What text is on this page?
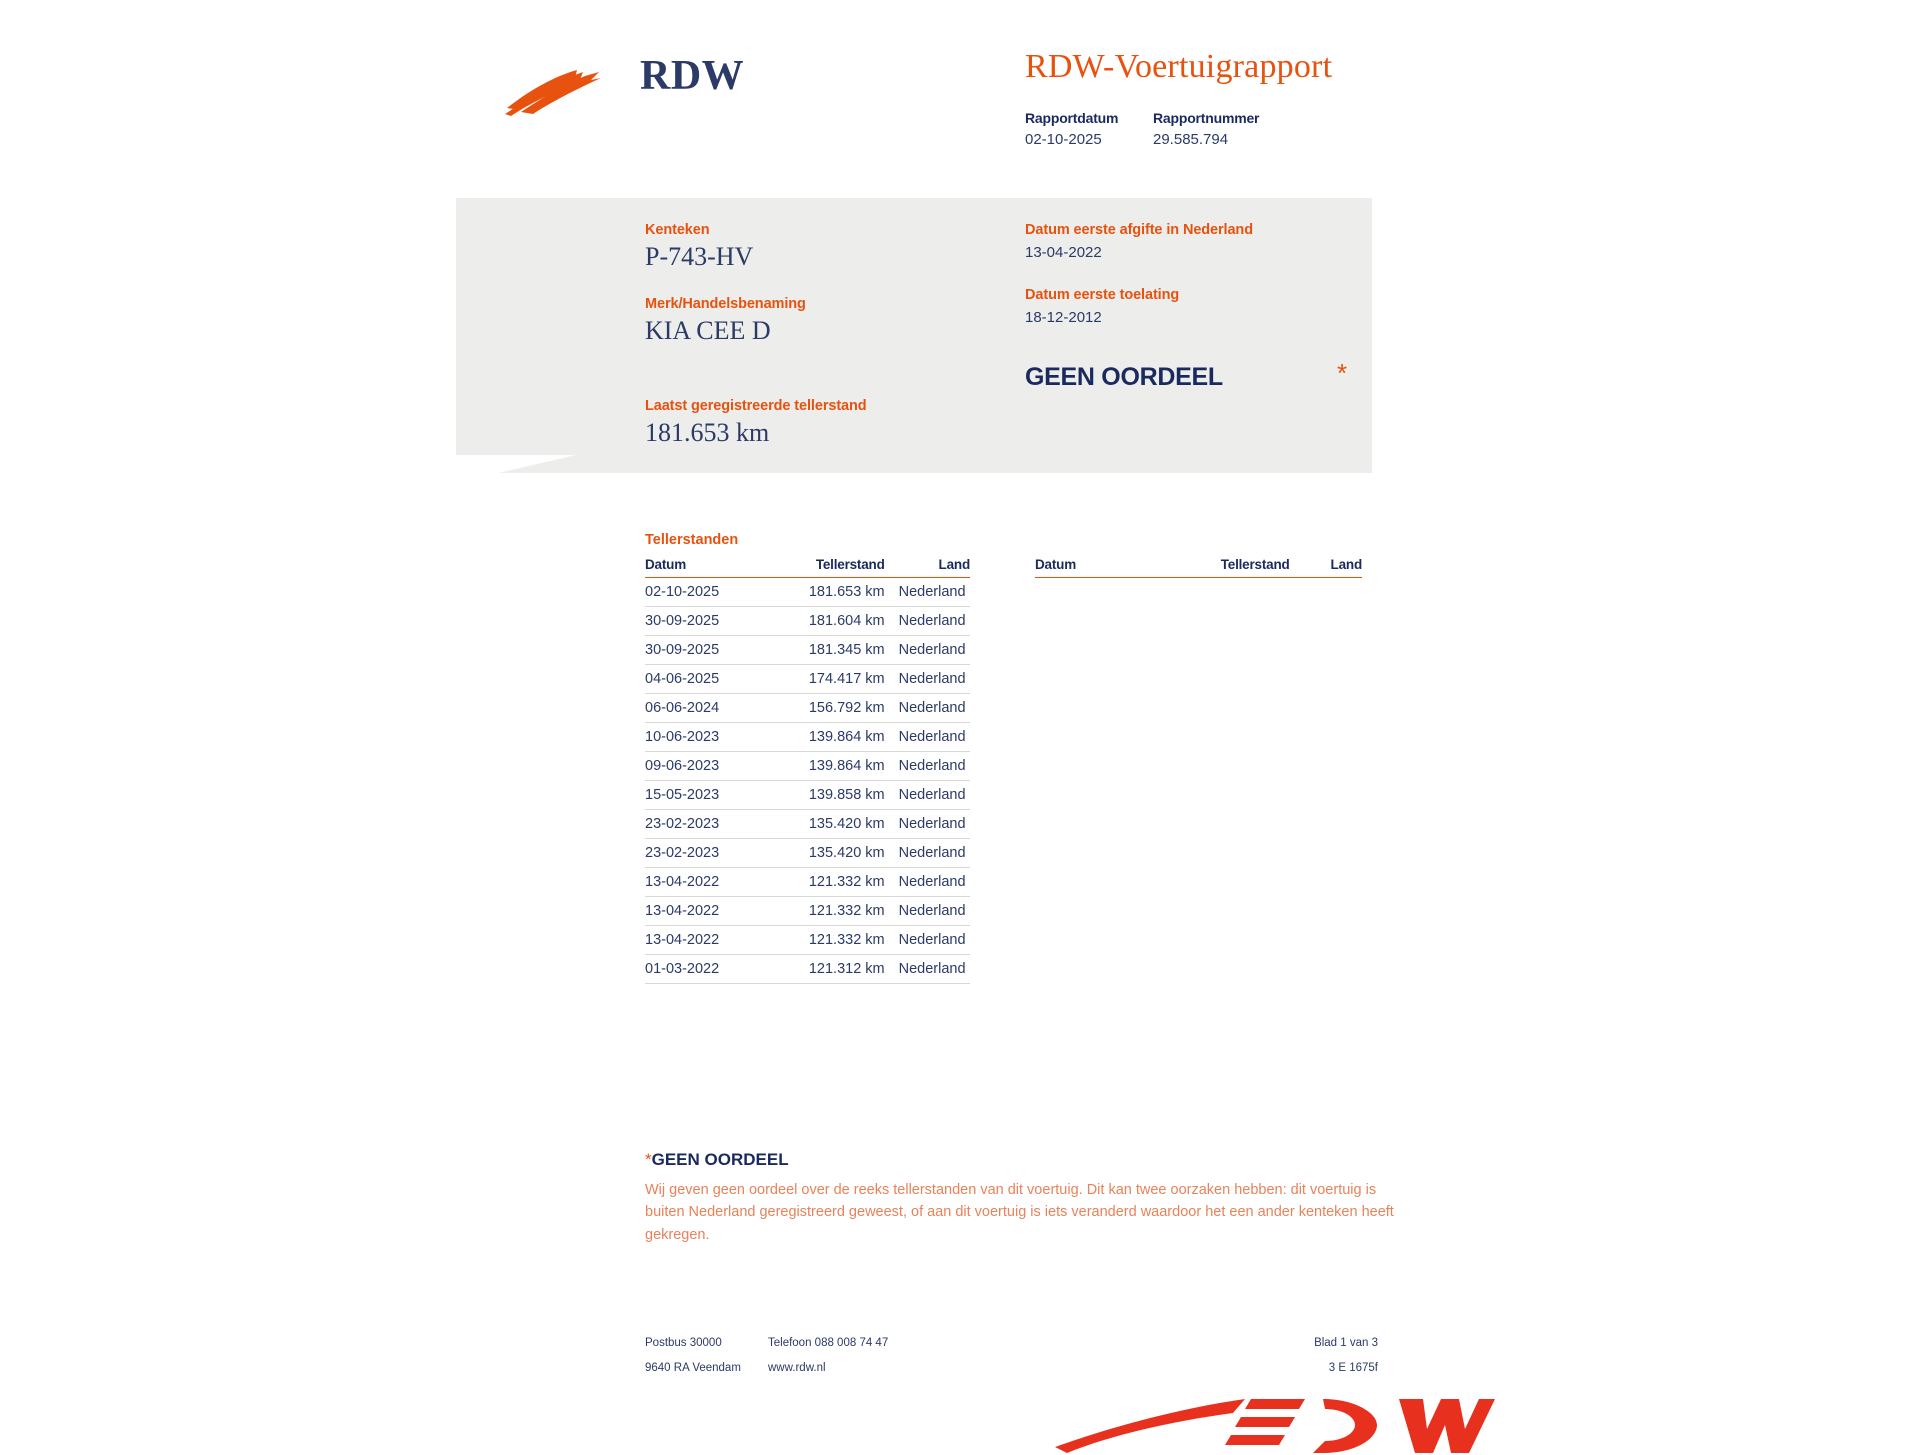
RDW	RDW-Voertuigrapport
Rapportdatum	Rapportnummer
02-10-2025	29.585.794
Kenteken
P-743-HV
Merk/Handelsbenaming
KIA CEE D
Laatst geregistreerde tellerstand
181.653 km
Datum eerste afgifte in Nederland
13-04-2022
Datum eerste toelating
18-12-2012
GEEN OORDEEL	*
Tellerstanden
Datum	Tellerstand	Land
02-10-2025	181.653 km	Nederland
30-09-2025	181.604 km	Nederland
30-09-2025	181.345 km	Nederland
04-06-2025	174.417 km	Nederland
06-06-2024	156.792 km	Nederland
10-06-2023	139.864 km	Nederland
09-06-2023	139.864 km	Nederland
15-05-2023	139.858 km	Nederland
23-02-2023	135.420 km	Nederland
23-02-2023	135.420 km	Nederland
13-04-2022	121.332 km	Nederland
13-04-2022	121.332 km	Nederland
13-04-2022	121.332 km	Nederland
01-03-2022	121.312 km	Nederland
Datum	Tellerstand	Land
*GEEN OORDEEL
Wij geven geen oordeel over de reeks tellerstanden van dit voertuig. Dit kan twee oorzaken hebben: dit voertuig is buiten Nederland geregistreerd geweest, of aan dit voertuig is iets veranderd waardoor het een ander kenteken heeft gekregen.
Postbus 30000	Telefoon 088 008 74 47	Blad 1 van 3
9640 RA Veendam	www.rdw.nl	3 E 1675f
